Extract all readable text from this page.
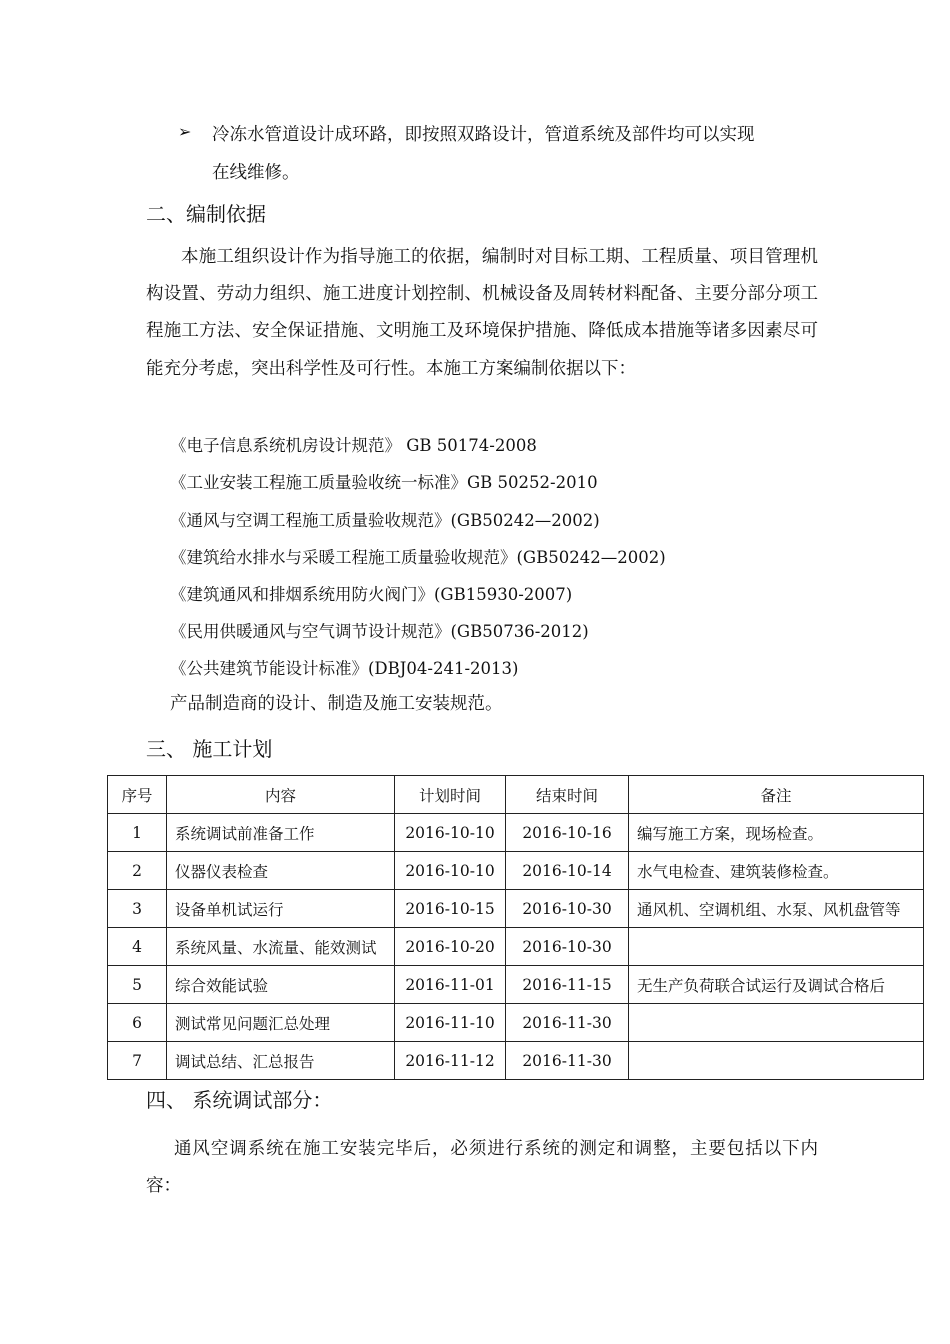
➢ 冷冻水管道设计成环路，即按照双路设计，管道系统及部件均可以实现
在线维修。
二、编制依据
本施工组织设计作为指导施工的依据，编制时对目标工期、工程质量、项目管理机构设置、劳动力组织、施工进度计划控制、机械设备及周转材料配备、主要分部分项工程施工方法、安全保证措施、文明施工及环境保护措施、降低成本措施等诸多因素尽可能充分考虑，突出科学性及可行性。本施工方案编制依据以下：
《电子信息系统机房设计规范》 GB 50174-2008
《工业安装工程施工质量验收统一标准》GB 50252-2010
《通风与空调工程施工质量验收规范》(GB50242—2002)
《建筑给水排水与采暖工程施工质量验收规范》(GB50242—2002)
《建筑通风和排烟系统用防火阀门》(GB15930-2007)
《民用供暖通风与空气调节设计规范》(GB50736-2012)
《公共建筑节能设计标准》(DBJ04-241-2013)
产品制造商的设计、制造及施工安装规范。
三、 施工计划
序号	内容	计划时间	结束时间	备注
1	系统调试前准备工作	2016-10-10	2016-10-16	编写施工方案，现场检查。
2	仪器仪表检查	2016-10-10	2016-10-14	水气电检查、建筑装修检查。
3	设备单机试运行	2016-10-15	2016-10-30	通风机、空调机组、水泵、风机盘管等
4	系统风量、水流量、能效测试	2016-10-20	2016-10-30	
5	综合效能试验	2016-11-01	2016-11-15	无生产负荷联合试运行及调试合格后
6	测试常见问题汇总处理	2016-11-10	2016-11-30	
7	调试总结、汇总报告	2016-11-12	2016-11-30	
四、 系统调试部分：
通风空调系统在施工安装完毕后，必须进行系统的测定和调整，主要包括以下内容：
